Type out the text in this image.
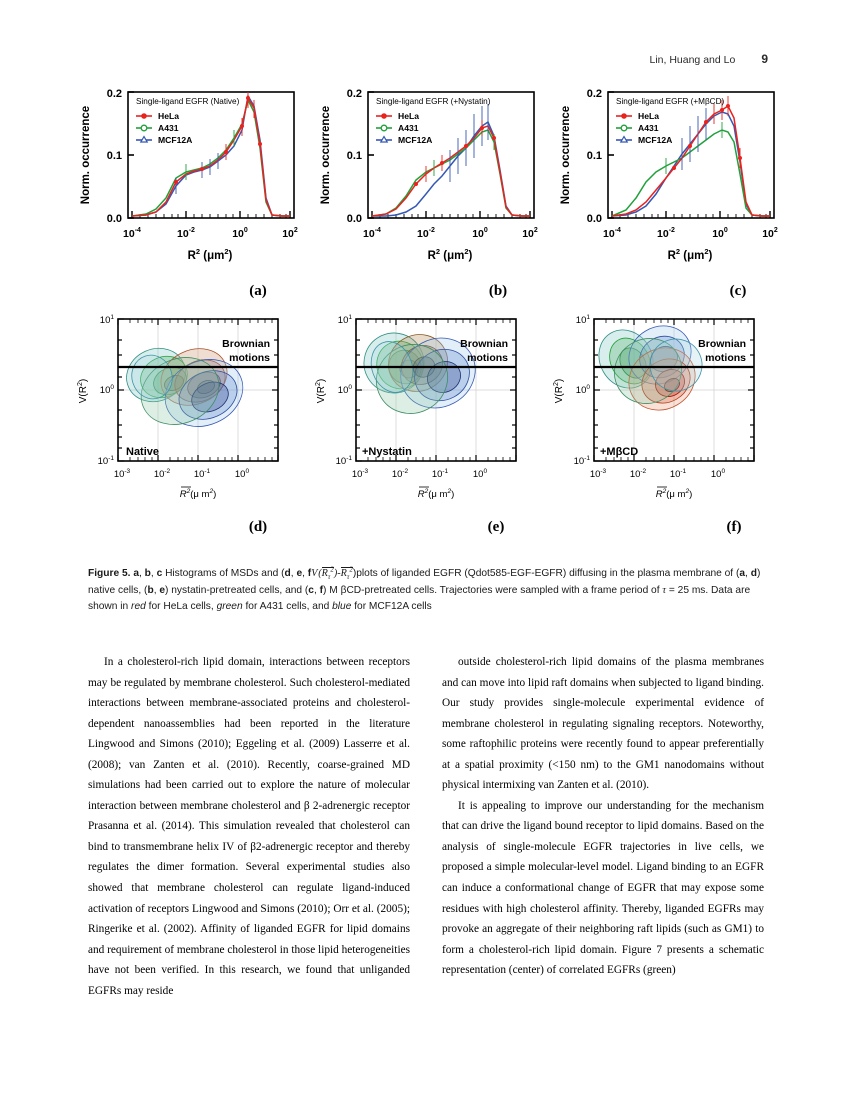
Lin, Huang and Lo 9
Norm. occurrence
0.0
0.1
0.2
Single-ligand EGFR (Native)
HeLa
A431
MCF12A
$10^{-4}$	$10^{-2}$	$10^0$	$10^2$
$R^2$ $(\mu m^2)$
Norm. occurrence
0.0
0.1
0.2
Single-ligand EGFR (+Nystatin)
HeLa
A431
MCF12A
$10^{-4}$	$10^{-2}$	$10^0$	$10^2$
$R^2$ $(\mu m^2)$
Norm. occurrence
0.0
0.1
0.2
Single-ligand EGFR (+MβCD)
HeLa
A431
MCF12A
$10^{-4}$	$10^{-2}$	$10^0$	$10^2$
$R^2$ $(\mu m^2)$
(a)	(b)	(c)
$V(R^2)$
$10^1$
$10^0$
$10^{-1}$
Brownian
motions
Native
$10^{-3}$ $10^{-2}$ $10^{-1}$	$10^0$
$R^2(\mu$ $m^2$)
$V(R^2)$
$10^1$
$10^0$
$10^{-1}$
Brownian
motions
+Nystatin
$10^{-3}$ $10^{-2}$ $10^{-1}$	$10^0$
$R^2(\mu$ $m^2$)
$V(R^2)$
$10^1$
$10^0$
$10^{-1}$
Brownian
motions
+MβCD
$10^{-3}$ $10^{-2}$ $10^{-1}$	$10^0$
$R^2(\mu$ $m^2$)
(d)	(e)	(f)
Figure 5. a, b, c Histograms of MSDs and (d, e, fV $(R_\tau^2)-R_\tau^2)plots$ of liganded EGFR (Qdot585-EGF-EGFR) diffusing in the plasma membrane of (a, d) native cells, (b, e) nystatin-pretreated cells, and (c, f) M βCD-pretreated cells. Trajectories were sampled with a frame period of τ = 25 ms. Data are shown in red for HeLa cells, green for A431 cells, and blue for MCF12A cells

In a cholesterol-rich lipid domain, interactions between receptors may be regulated by membrane cholesterol. Such cholesterol-mediated interactions between membrane-associated proteins and cholesterol-dependent nanoassemblies had been reported in the literature Lingwood and Simons (2010); Eggeling et al. (2009) Lasserre et al. (2008); van Zanten et al. (2010). Recently, coarse-grained MD simulations had been carried out to explore the nature of molecular interaction between membrane cholesterol and β 2-adrenergic receptor Prasanna et al. (2014). This simulation revealed that cholesterol can bind to transmembrane helix IV of β2-adrenergic receptor and thereby regulates the dimer formation. Several experimental studies also showed that membrane cholesterol can regulate ligand-induced activation of receptors Lingwood and Simons (2010); Orr et al. (2005); Ringerike et al. (2002). Affinity of liganded EGFR for lipid domains and requirement of membrane cholesterol in those lipid heterogeneities have not been verified. In this research, we found that unliganded EGFRs may reside

outside cholesterol-rich lipid domains of the plasma membranes and can move into lipid raft domains when subjected to ligand binding. Our study provides single-molecule experimental evidence of membrane cholesterol in regulating signaling receptors. Noteworthy, some raftophilic proteins were recently found to appear preferentially at a spatial proximity (<150 nm) to the GM1 nanodomains without physical intermixing van Zanten et al. (2010).

It is appealing to improve our understanding for the mechanism that can drive the ligand bound receptor to lipid domains. Based on the analysis of single-molecule EGFR trajectories in live cells, we proposed a simple molecular-level model. Ligand binding to an EGFR can induce a conformational change of EGFR that may expose some residues with high cholesterol affinity. Thereby, liganded EGFRs may provoke an aggregate of their neighboring raft lipids (such as GM1) to form a cholesterol-rich lipid domain. Figure 7 presents a schematic representation (center) of correlated EGFRs (green)
